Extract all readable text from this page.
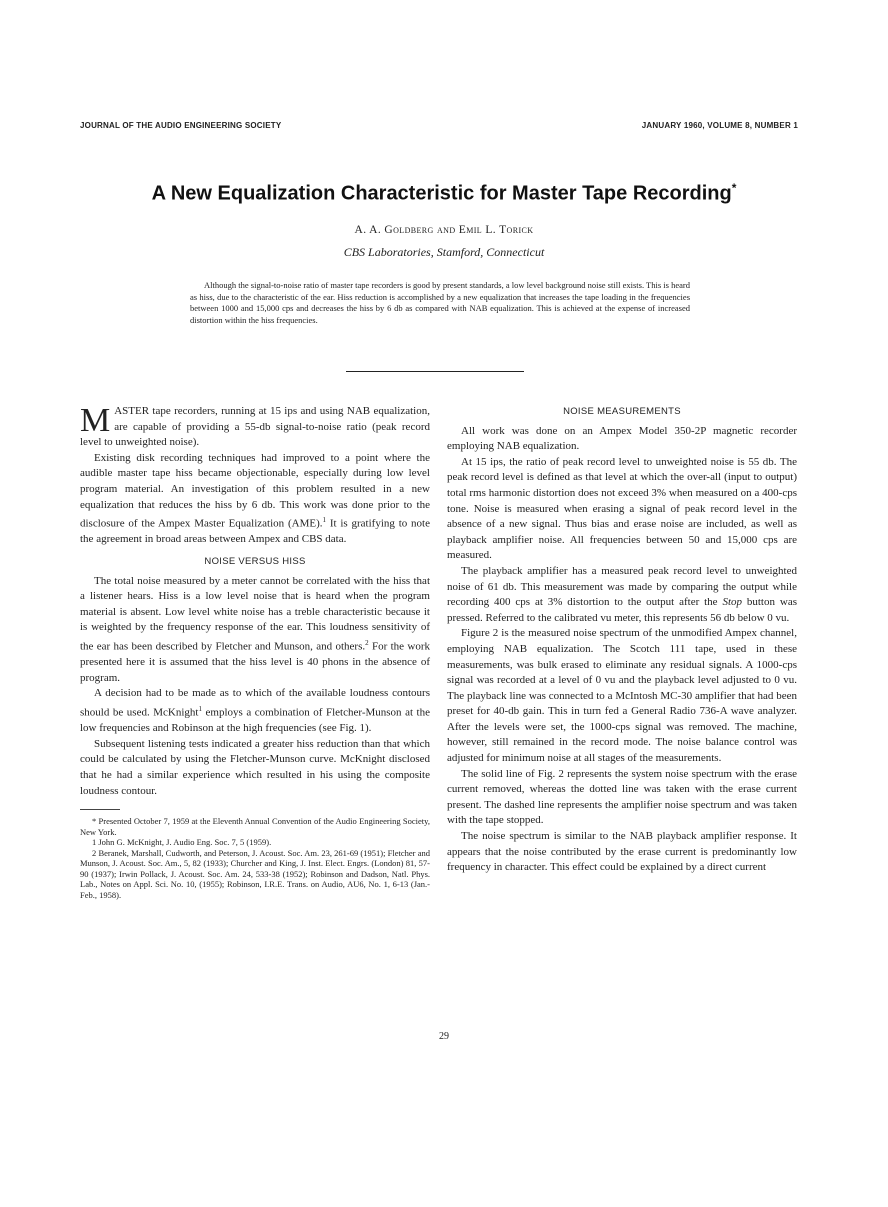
JOURNAL OF THE AUDIO ENGINEERING SOCIETY	JANUARY 1960, VOLUME 8, NUMBER 1
A New Equalization Characteristic for Master Tape Recording*
A. A. Goldberg and Emil L. Torick
CBS Laboratories, Stamford, Connecticut
Although the signal-to-noise ratio of master tape recorders is good by present standards, a low level background noise still exists. This is heard as hiss, due to the characteristic of the ear. Hiss reduction is accomplished by a new equalization that increases the tape loading in the frequencies between 1000 and 15,000 cps and decreases the hiss by 6 db as compared with NAB equalization. This is achieved at the expense of increased distortion within the hiss frequencies.

MASTER tape recorders, running at 15 ips and using NAB equalization, are capable of providing a 55-db signal-to-noise ratio (peak record level to unweighted noise).

Existing disk recording techniques had improved to a point where the audible master tape hiss became objectionable, especially during low level program material. An investigation of this problem resulted in a new equalization that reduces the hiss by 6 db. This work was done prior to the disclosure of the Ampex Master Equalization (AME).$^1$ It is gratifying to note the agreement in broad areas between Ampex and CBS data.

NOISE VERSUS HISS

The total noise measured by a meter cannot be correlated with the hiss that a listener hears. Hiss is a low level noise that is heard when the program material is absent. Low level white noise has a treble characteristic because it is weighted by the frequency response of the ear. This loudness sensitivity of the ear has been described by Fletcher and Munson, and others.$^2$ For the work presented here it is assumed that the hiss level is 40 phons in the absence of program.

A decision had to be made as to which of the available loudness contours should be used. McKnight$^1$ employs a combination of Fletcher-Munson at the low frequencies and Robinson at the high frequencies (see Fig. 1).

Subsequent listening tests indicated a greater hiss reduction than that which could be calculated by using the Fletcher-Munson curve. McKnight disclosed that he had a similar experience which resulted in his using the composite loudness contour.

* Presented October 7, 1959 at the Eleventh Annual Convention of the Audio Engineering Society, New York.

1 John G. McKnight, J. Audio Eng. Soc. 7, 5 (1959).

2 Beranek, Marshall, Cudworth, and Peterson, J. Acoust. Soc. Am. 23, 261-69 (1951); Fletcher and Munson, J. Acoust. Soc. Am., 5, 82 (1933); Churcher and King, J. Inst. Elect. Engrs. (London) 81, 57-90 (1937); Irwin Pollack, J. Acoust. Soc. Am. 24, 533-38 (1952); Robinson and Dadson, Natl. Phys. Lab., Notes on Appl. Sci. No. 10, (1955); Robinson, I.R.E. Trans. on Audio, AU6, No. 1, 6-13 (Jan.-Feb., 1958).

NOISE MEASUREMENTS

All work was done on an Ampex Model 350-2P magnetic recorder employing NAB equalization.

At 15 ips, the ratio of peak record level to unweighted noise is 55 db. The peak record level is defined as that level at which the over-all (input to output) total rms harmonic distortion does not exceed 3% when measured on a 400-cps tone. Noise is measured when erasing a signal of peak record level in the absence of a new signal. Thus bias and erase noise are included, as well as playback amplifier noise. All frequencies between 50 and 15,000 cps are measured.

The playback amplifier has a measured peak record level to unweighted noise of 61 db. This measurement was made by comparing the output while recording 400 cps at 3% distortion to the output after the Stop button was pressed. Referred to the calibrated vu meter, this represents 56 db below 0 vu.

Figure 2 is the measured noise spectrum of the unmodified Ampex channel, employing NAB equalization. The Scotch 111 tape, used in these measurements, was bulk erased to eliminate any residual signals. A 1000-cps signal was recorded at a level of 0 vu and the playback level adjusted to 0 vu. The playback line was connected to a McIntosh MC-30 amplifier that had been preset for 40-db gain. This in turn fed a General Radio 736-A wave analyzer. After the levels were set, the 1000-cps signal was removed. The machine, however, still remained in the record mode. The noise balance control was adjusted for minimum noise at all stages of the measurements.

The solid line of Fig. 2 represents the system noise spectrum with the erase current removed, whereas the dotted line was taken with the erase current present. The dashed line represents the amplifier noise spectrum and was taken with the tape stopped.

The noise spectrum is similar to the NAB playback amplifier response. It appears that the noise contributed by the erase current is predominantly low frequency in character. This effect could be explained by a direct current

29
